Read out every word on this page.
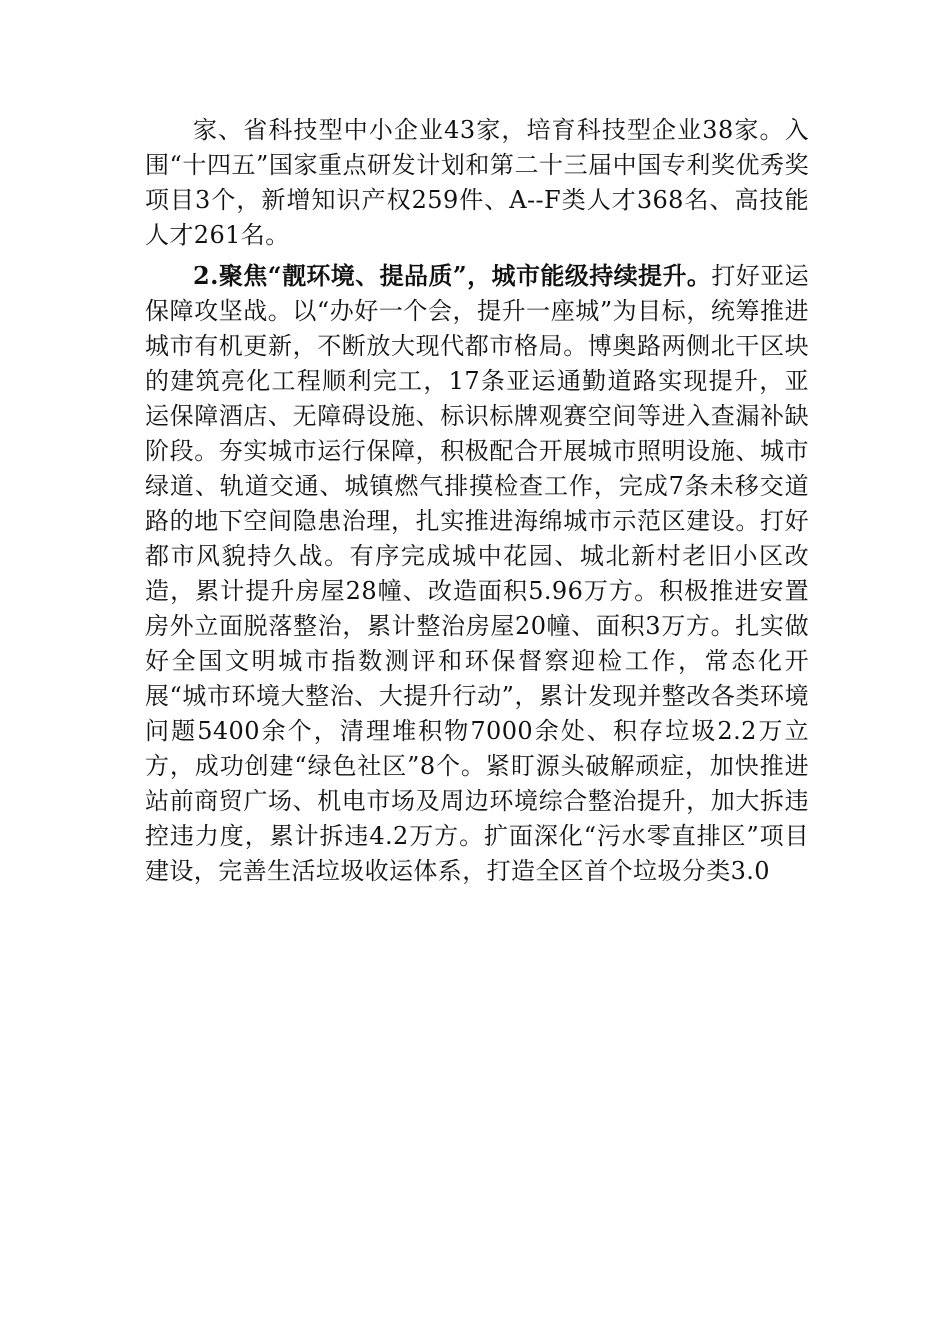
家、省科技型中小企业43家，培育科技型企业38家。入围“十四五”国家重点研发计划和第二十三届中国专利奖优秀奖项目3个，新增知识产权259件、A--F类人才368名、高技能人才261名。

2.聚焦“靓环境、提品质”，城市能级持续提升。打好亚运保障攻坚战。以“办好一个会，提升一座城”为目标，统筹推进城市有机更新，不断放大现代都市格局。博奥路两侧北干区块的建筑亮化工程顺利完工，17条亚运通勤道路实现提升，亚运保障酒店、无障碍设施、标识标牌观赛空间等进入查漏补缺阶段。夯实城市运行保障，积极配合开展城市照明设施、城市绿道、轨道交通、城镇燃气排摸检查工作，完成7条未移交道路的地下空间隐患治理，扎实推进海绵城市示范区建设。打好都市风貌持久战。有序完成城中花园、城北新村老旧小区改造，累计提升房屋28幢、改造面积5.96万方。积极推进安置房外立面脱落整治，累计整治房屋20幢、面积3万方。扎实做好全国文明城市指数测评和环保督察迎检工作，常态化开展“城市环境大整治、大提升行动”，累计发现并整改各类环境问题5400余个，清理堆积物7000余处、积存垃圾2.2万立方，成功创建“绿色社区”8个。紧盯源头破解顽症，加快推进站前商贸广场、机电市场及周边环境综合整治提升，加大拆违控违力度，累计拆违4.2万方。扩面深化“污水零直排区”项目建设，完善生活垃圾收运体系，打造全区首个垃圾分类3.0
